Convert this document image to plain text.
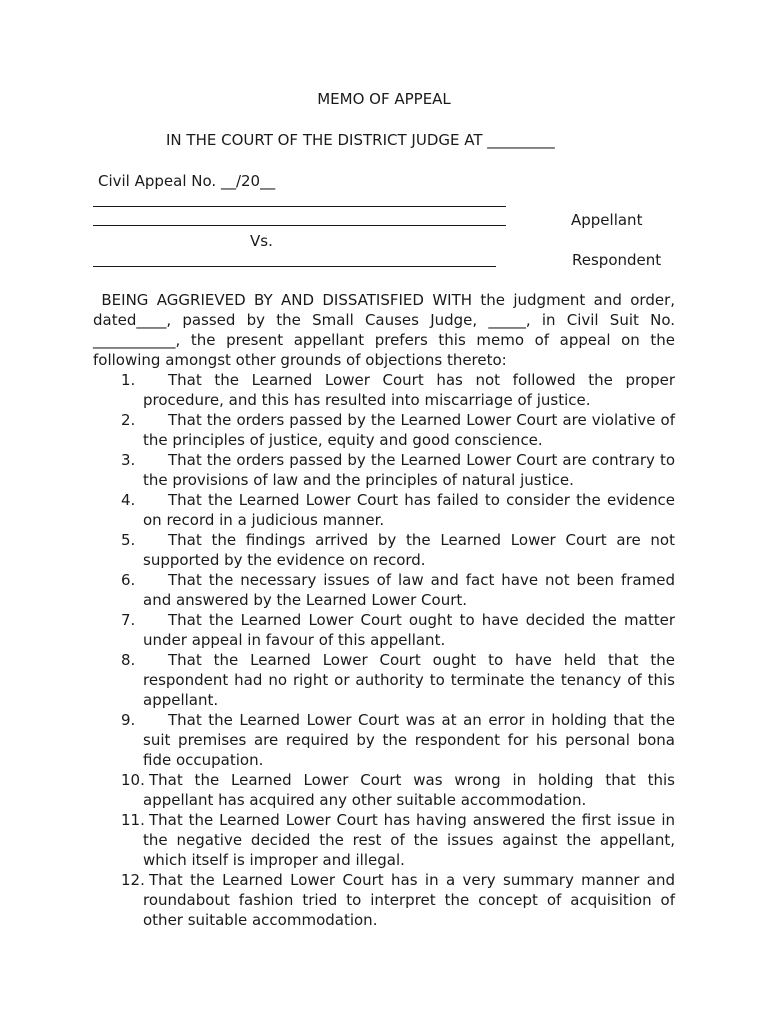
MEMO OF APPEAL
IN THE COURT OF THE DISTRICT JUDGE AT _________
Civil Appeal No. __/20__
Appellant
Vs.
Respondent

BEING AGGRIEVED BY AND DISSATISFIED WITH the judgment and order, dated____, passed by the Small Causes Judge, _____, in Civil Suit No. ___________, the present appellant prefers this memo of appeal on the following amongst other grounds of objections thereto:

1. That the Learned Lower Court has not followed the proper procedure, and this has resulted into miscarriage of justice.
2. That the orders passed by the Learned Lower Court are violative of the principles of justice, equity and good conscience.
3. That the orders passed by the Learned Lower Court are contrary to the provisions of law and the principles of natural justice.
4. That the Learned Lower Court has failed to consider the evidence on record in a judicious manner.
5. That the findings arrived by the Learned Lower Court are not supported by the evidence on record.
6. That the necessary issues of law and fact have not been framed and answered by the Learned Lower Court.
7. That the Learned Lower Court ought to have decided the matter under appeal in favour of this appellant.
8. That the Learned Lower Court ought to have held that the respondent had no right or authority to terminate the tenancy of this appellant.
9. That the Learned Lower Court was at an error in holding that the suit premises are required by the respondent for his personal bona fide occupation.
10. That the Learned Lower Court was wrong in holding that this appellant has acquired any other suitable accommodation.
11. That the Learned Lower Court has having answered the first issue in the negative decided the rest of the issues against the appellant, which itself is improper and illegal.
12. That the Learned Lower Court has in a very summary manner and roundabout fashion tried to interpret the concept of acquisition of other suitable accommodation.
